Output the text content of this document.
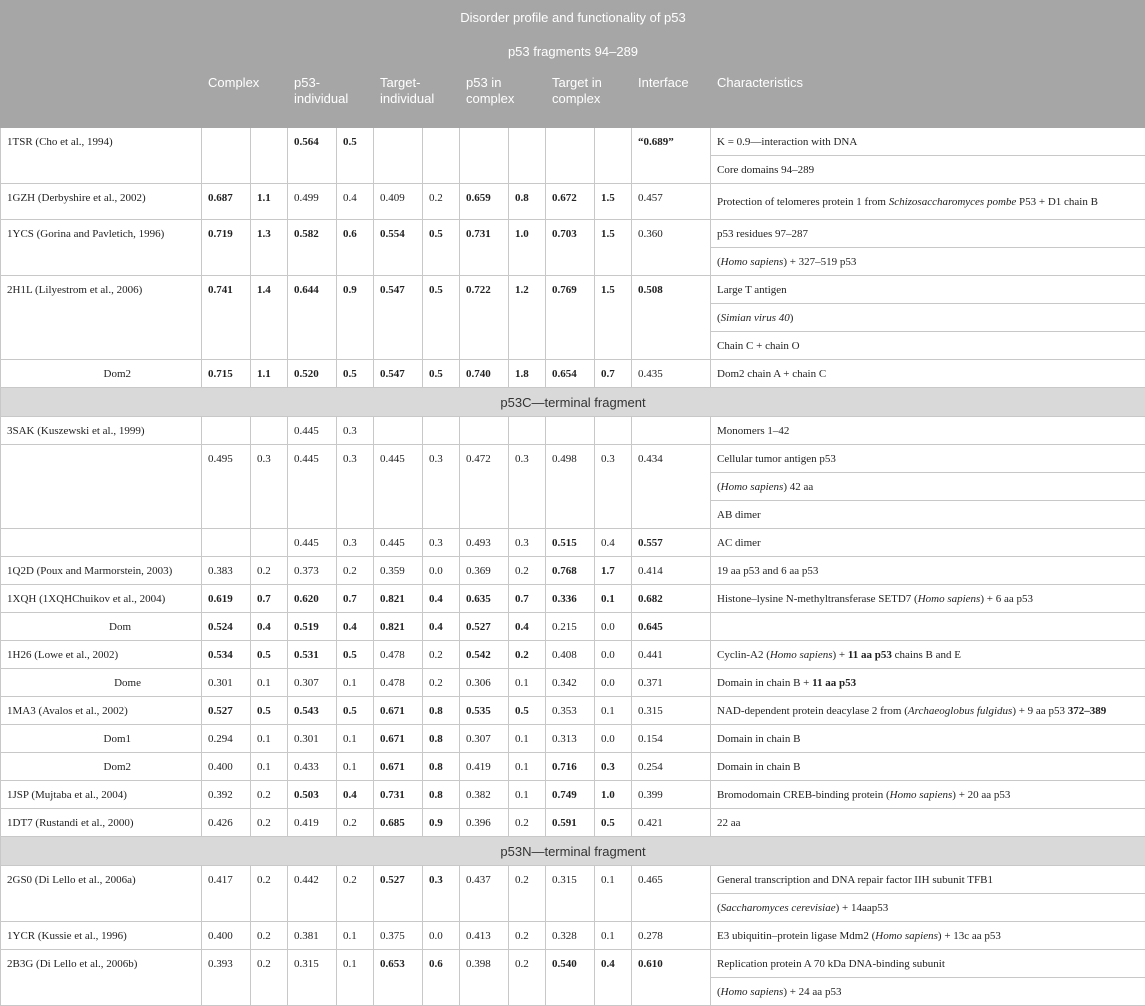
Disorder profile and functionality of p53												
p53 fragments 94–289												
	Complex		p53-individual		Target-individual		p53 in complex		Target in complex		Interface	Characteristics
1TSR (Cho et al., 1994)			0.564	0.5							“0.689”	K = 0.9—interaction with DNA
												Core domains 94–289
1GZH (Derbyshire et al., 2002)	0.687	1.1	0.499	0.4	0.409	0.2	0.659	0.8	0.672	1.5	0.457	Protection of telomeres protein 1 from Schizosaccharomyces pombe P53 + D1 chain B
1YCS (Gorina and Pavletich, 1996)	0.719	1.3	0.582	0.6	0.554	0.5	0.731	1.0	0.703	1.5	0.360	p53 residues 97–287
												(Homo sapiens) + 327–519 p53
2H1L (Lilyestrom et al., 2006)	0.741	1.4	0.644	0.9	0.547	0.5	0.722	1.2	0.769	1.5	0.508	Large T antigen
												(Simian virus 40)
												Chain C + chain O
Dom2	0.715	1.1	0.520	0.5	0.547	0.5	0.740	1.8	0.654	0.7	0.435	Dom2 chain A + chain C
p53C—terminal fragment												
3SAK (Kuszewski et al., 1999)			0.445	0.3								Monomers 1–42
	0.495	0.3	0.445	0.3	0.445	0.3	0.472	0.3	0.498	0.3	0.434	Cellular tumor antigen p53
												(Homo sapiens) 42 aa
												AB dimer
			0.445	0.3	0.445	0.3	0.493	0.3	0.515	0.4	0.557	AC dimer
1Q2D (Poux and Marmorstein, 2003)	0.383	0.2	0.373	0.2	0.359	0.0	0.369	0.2	0.768	1.7	0.414	19 aa p53 and 6 aa p53
1XQH (1XQHChuikov et al., 2004)	0.619	0.7	0.620	0.7	0.821	0.4	0.635	0.7	0.336	0.1	0.682	Histone–lysine N-methyltransferase SETD7 (Homo sapiens) + 6 aa p53
Dom	0.524	0.4	0.519	0.4	0.821	0.4	0.527	0.4	0.215	0.0	0.645	
1H26 (Lowe et al., 2002)	0.534	0.5	0.531	0.5	0.478	0.2	0.542	0.2	0.408	0.0	0.441	Cyclin-A2 (Homo sapiens) + 11 aa p53 chains B and E
Dome	0.301	0.1	0.307	0.1	0.478	0.2	0.306	0.1	0.342	0.0	0.371	Domain in chain B + 11 aa p53
1MA3 (Avalos et al., 2002)	0.527	0.5	0.543	0.5	0.671	0.8	0.535	0.5	0.353	0.1	0.315	NAD-dependent protein deacylase 2 from (Archaeoglobus fulgidus) + 9 aa p53 372–389
Dom1	0.294	0.1	0.301	0.1	0.671	0.8	0.307	0.1	0.313	0.0	0.154	Domain in chain B
Dom2	0.400	0.1	0.433	0.1	0.671	0.8	0.419	0.1	0.716	0.3	0.254	Domain in chain B
1JSP (Mujtaba et al., 2004)	0.392	0.2	0.503	0.4	0.731	0.8	0.382	0.1	0.749	1.0	0.399	Bromodomain CREB-binding protein (Homo sapiens) + 20 aa p53
1DT7 (Rustandi et al., 2000)	0.426	0.2	0.419	0.2	0.685	0.9	0.396	0.2	0.591	0.5	0.421	22 aa
p53N—terminal fragment												
2GS0 (Di Lello et al., 2006a)	0.417	0.2	0.442	0.2	0.527	0.3	0.437	0.2	0.315	0.1	0.465	General transcription and DNA repair factor IIH subunit TFB1
												(Saccharomyces cerevisiae) + 14aap53
1YCR (Kussie et al., 1996)	0.400	0.2	0.381	0.1	0.375	0.0	0.413	0.2	0.328	0.1	0.278	E3 ubiquitin–protein ligase Mdm2 (Homo sapiens) + 13c aa p53
2B3G (Di Lello et al., 2006b)	0.393	0.2	0.315	0.1	0.653	0.6	0.398	0.2	0.540	0.4	0.610	Replication protein A 70 kDa DNA-binding subunit
												(Homo sapiens) + 24 aa p53
